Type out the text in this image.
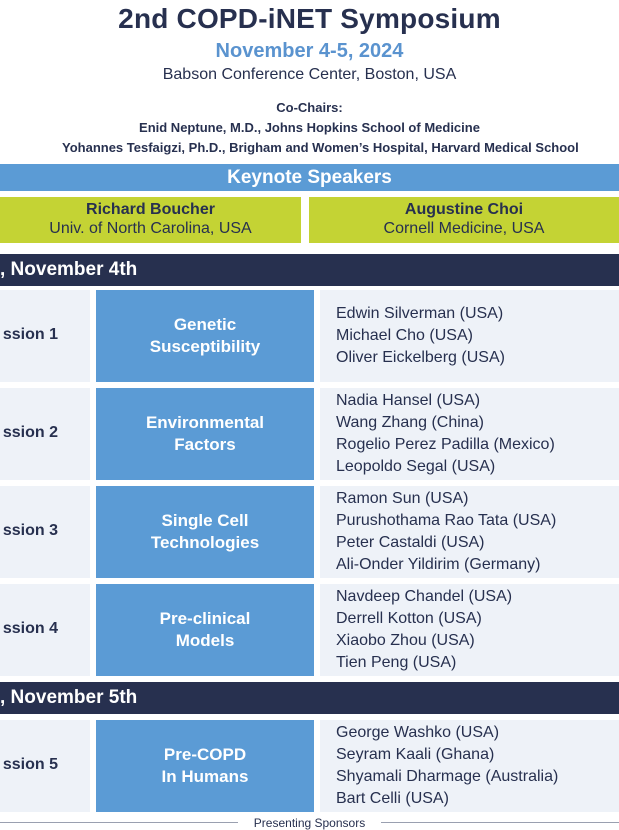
2nd COPD-iNET Symposium
November 4-5, 2024
Babson Conference Center, Boston, USA
Co-Chairs:
Enid Neptune, M.D., Johns Hopkins School of Medicine
Yohannes Tesfaigzi, Ph.D., Brigham and Women’s Hospital, Harvard Medical School
Keynote Speakers
Richard Boucher
Univ. of North Carolina, USA
Augustine Choi
Cornell Medicine, USA
, November 4th
ssion 1
Genetic
Susceptibility
Edwin Silverman (USA)
Michael Cho (USA)
Oliver Eickelberg (USA)
ssion 2
Environmental
Factors
Nadia Hansel (USA)
Wang Zhang (China)
Rogelio Perez Padilla (Mexico)
Leopoldo Segal (USA)
ssion 3
Single Cell
Technologies
Ramon Sun (USA)
Purushothama Rao Tata (USA)
Peter Castaldi (USA)
Ali-Onder Yildirim (Germany)
ssion 4
Pre-clinical
Models
Navdeep Chandel (USA)
Derrell Kotton (USA)
Xiaobo Zhou (USA)
Tien Peng (USA)
, November 5th
ssion 5
Pre-COPD
In Humans
George Washko (USA)
Seyram Kaali (Ghana)
Shyamali Dharmage (Australia)
Bart Celli (USA)
Presenting Sponsors
